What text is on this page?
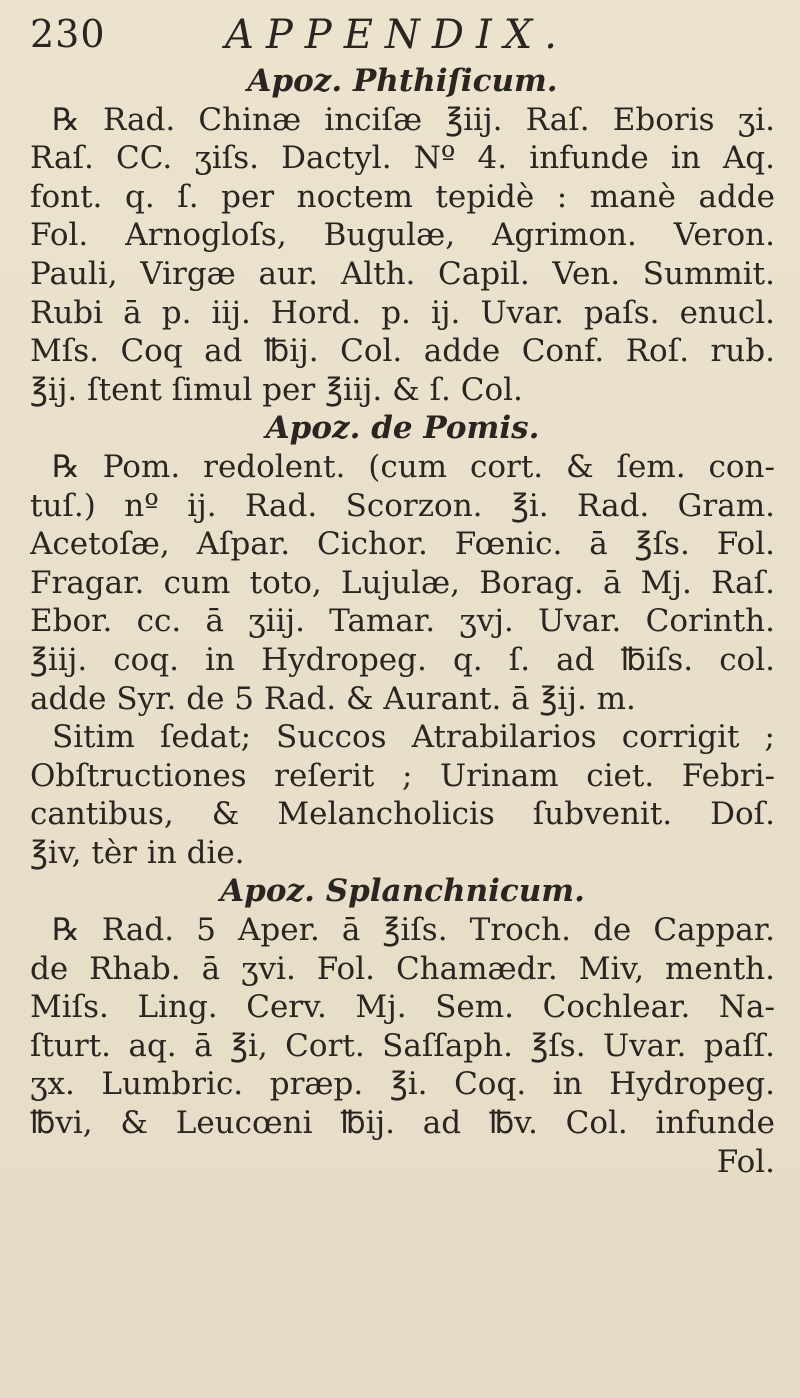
230	APPENDIX.
Apoz. Phthiſicum.
℞ Rad. Chinæ inciſæ ℥iij. Raſ. Eboris ʒi.
Raſ. CC. ʒiſs. Dactyl. Nº 4. infunde in Aq.
font. q. ſ. per noctem tepidè : manè adde
Fol. Arnogloſs, Bugulæ, Agrimon. Veron.
Pauli, Virgæ aur. Alth. Capil. Ven. Summit.
Rubi ā p. iij. Hord. p. ij. Uvar. paſs. enucl.
Mſs. Coq ad ℔ij. Col. adde Conf. Roſ. rub.
℥ij. ſtent ſimul per ℥iij. & ſ. Col.
Apoz. de Pomis.
℞ Pom. redolent. (cum cort. & ſem. con-
tuſ.) nº ij. Rad. Scorzon. ℥i. Rad. Gram.
Acetoſæ, Aſpar. Cichor. Fœnic. ā ℥ſs. Fol.
Fragar. cum toto, Lujulæ, Borag. ā Mj. Raſ.
Ebor. cc. ā ʒiij. Tamar. ʒvj. Uvar. Corinth.
℥iij. coq. in Hydropeg. q. ſ. ad ℔iſs. col.
adde Syr. de 5 Rad. & Aurant. ā ℥ij. m.
Sitim ſedat; Succos Atrabilarios corrigit ;
Obſtructiones reſerit ; Urinam ciet. Febri-
cantibus, & Melancholicis ſubvenit. Doſ.
℥iv, tèr in die.
Apoz. Splanchnicum.
℞ Rad. 5 Aper. ā ℥iſs. Troch. de Cappar.
de Rhab. ā ʒvi. Fol. Chamædr. Miv, menth.
Miſs. Ling. Cerv. Mj. Sem. Cochlear. Na-
ſturt. aq. ā ℥i, Cort. Saſſaph. ℥ſs. Uvar. paſſ.
ʒx. Lumbric. præp. ℥i. Coq. in Hydropeg.
℔vi, & Leucœni ℔ij. ad ℔v. Col. infunde
Fol.
